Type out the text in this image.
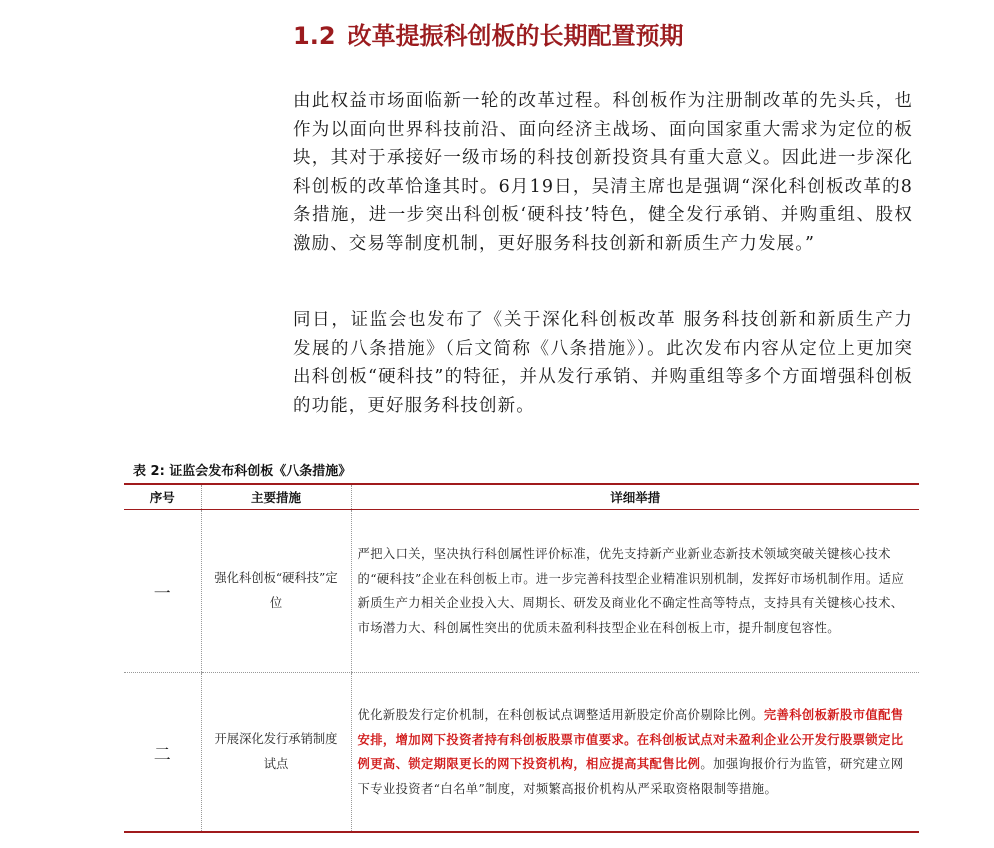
1.2 改革提振科创板的长期配置预期
由此权益市场面临新一轮的改革过程。科创板作为注册制改革的先头兵，也作为以面向世界科技前沿、面向经济主战场、面向国家重大需求为定位的板块，其对于承接好一级市场的科技创新投资具有重大意义。因此进一步深化科创板的改革恰逢其时。6月19日，吴清主席也是强调“深化科创板改革的8条措施，进一步突出科创板‘硬科技’特色，健全发行承销、并购重组、股权激励、交易等制度机制，更好服务科技创新和新质生产力发展。”
同日，证监会也发布了《关于深化科创板改革 服务科技创新和新质生产力发展的八条措施》（后文简称《八条措施》）。此次发布内容从定位上更加突出科创板“硬科技”的特征，并从发行承销、并购重组等多个方面增强科创板的功能，更好服务科技创新。
表 2: 证监会发布科创板《八条措施》
序号	主要措施	详细举措
一	强化科创板“硬科技”定位	严把入口关，坚决执行科创属性评价标准，优先支持新产业新业态新技术领域突破关键核心技术的“硬科技”企业在科创板上市。进一步完善科技型企业精准识别机制，发挥好市场机制作用。适应新质生产力相关企业投入大、周期长、研发及商业化不确定性高等特点，支持具有关键核心技术、市场潜力大、科创属性突出的优质未盈利科技型企业在科创板上市，提升制度包容性。
二	开展深化发行承销制度试点	优化新股发行定价机制，在科创板试点调整适用新股定价高价剔除比例。完善科创板新股市值配售安排，增加网下投资者持有科创板股票市值要求。在科创板试点对未盈利企业公开发行股票锁定比例更高、锁定期限更长的网下投资机构，相应提高其配售比例。加强询报价行为监管，研究建立网下专业投资者“白名单”制度，对频繁高报价机构从严采取资格限制等措施。
